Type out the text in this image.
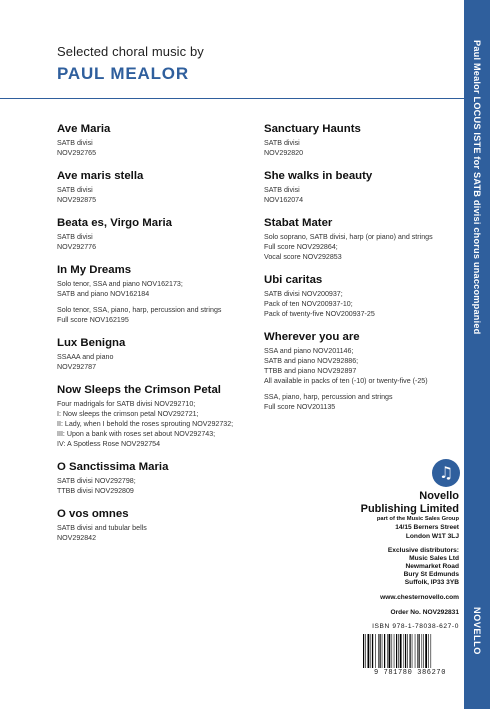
Selected choral music by
PAUL MEALOR	Paul Mealor LOCUS ISTE for SATB divisi chorus unaccompanied
NOVELLO
Ave Maria
SATB divisi
NOV292765
Ave maris stella
SATB divisi
NOV292875
Beata es, Virgo Maria
SATB divisi
NOV292776
In My Dreams
Solo tenor, SSA and piano NOV162173;
SATB and piano NOV162184
Solo tenor, SSA, piano, harp, percussion and strings
Full score NOV162195
Lux Benigna
SSAAA and piano
NOV292787
Now Sleeps the Crimson Petal
Four madrigals for SATB divisi NOV292710;
I: Now sleeps the crimson petal NOV292721;
II: Lady, when I behold the roses sprouting NOV292732;
III: Upon a bank with roses set about NOV292743;
IV: A Spotless Rose NOV292754
O Sanctissima Maria
SATB divisi NOV292798;
TTBB divisi NOV292809
O vos omnes
SATB divisi and tubular bells
NOV292842
Sanctuary Haunts
SATB divisi
NOV292820
She walks in beauty
SATB divisi
NOV162074
Stabat Mater
Solo soprano, SATB divisi, harp (or piano) and strings
Full score NOV292864;
Vocal score NOV292853
Ubi caritas
SATB divisi NOV200937;
Pack of ten NOV200937-10;
Pack of twenty-five NOV200937-25
Wherever you are
SSA and piano NOV201146;
SATB and piano NOV292886;
TTBB and piano NOV292897
All available in packs of ten (-10) or twenty-five (-25)
SSA, piano, harp, percussion and strings
Full score NOV201135
♫
Novello
Publishing Limited
part of the Music Sales Group
14/15 Berners Street
London W1T 3LJ
Exclusive distributors:
Music Sales Ltd
Newmarket Road
Bury St Edmunds
Suffolk, IP33 3YB
www.chesternovello.com
Order No. NOV292831
ISBN 978-1-78038-627-0
9 781780 386270
